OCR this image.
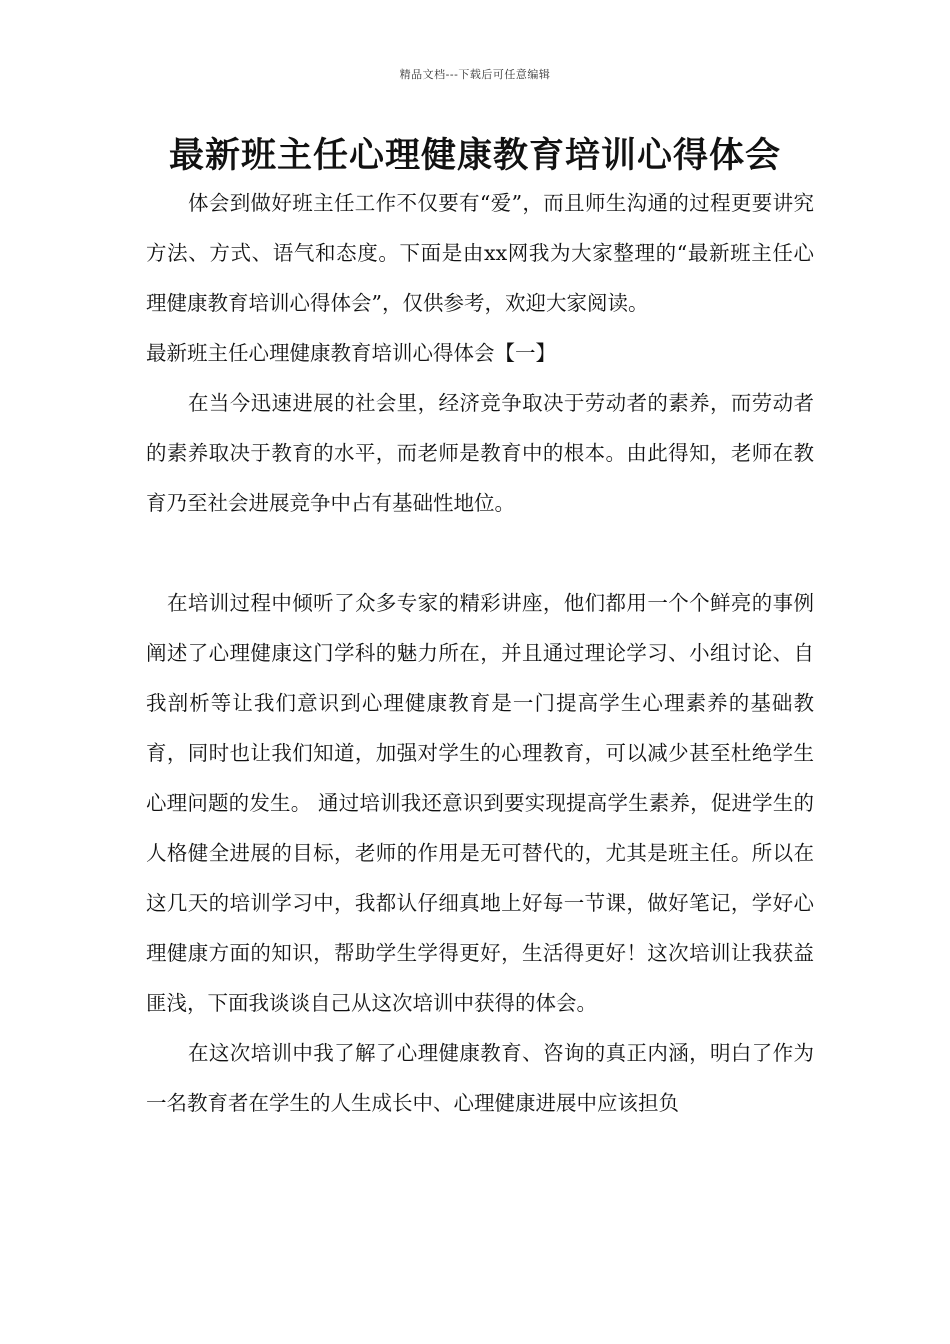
精品文档---下载后可任意编辑
最新班主任心理健康教育培训心得体会

体会到做好班主任工作不仅要有“爱”，而且师生沟通的过程更要讲究方法、方式、语气和态度。下面是由xx网我为大家整理的“最新班主任心理健康教育培训心得体会”，仅供参考，欢迎大家阅读。

最新班主任心理健康教育培训心得体会【一】

在当今迅速进展的社会里，经济竞争取决于劳动者的素养，而劳动者的素养取决于教育的水平，而老师是教育中的根本。由此得知，老师在教育乃至社会进展竞争中占有基础性地位。

在培训过程中倾听了众多专家的精彩讲座，他们都用一个个鲜亮的事例阐述了心理健康这门学科的魅力所在，并且通过理论学习、小组讨论、自我剖析等让我们意识到心理健康教育是一门提高学生心理素养的基础教育，同时也让我们知道，加强对学生的心理教育，可以减少甚至杜绝学生心理问题的发生。 通过培训我还意识到要实现提高学生素养，促进学生的人格健全进展的目标，老师的作用是无可替代的，尤其是班主任。所以在这几天的培训学习中，我都认仔细真地上好每一节课，做好笔记，学好心理健康方面的知识，帮助学生学得更好，生活得更好！这次培训让我获益匪浅，下面我谈谈自己从这次培训中获得的体会。

在这次培训中我了解了心理健康教育、咨询的真正内涵，明白了作为一名教育者在学生的人生成长中、心理健康进展中应该担负
